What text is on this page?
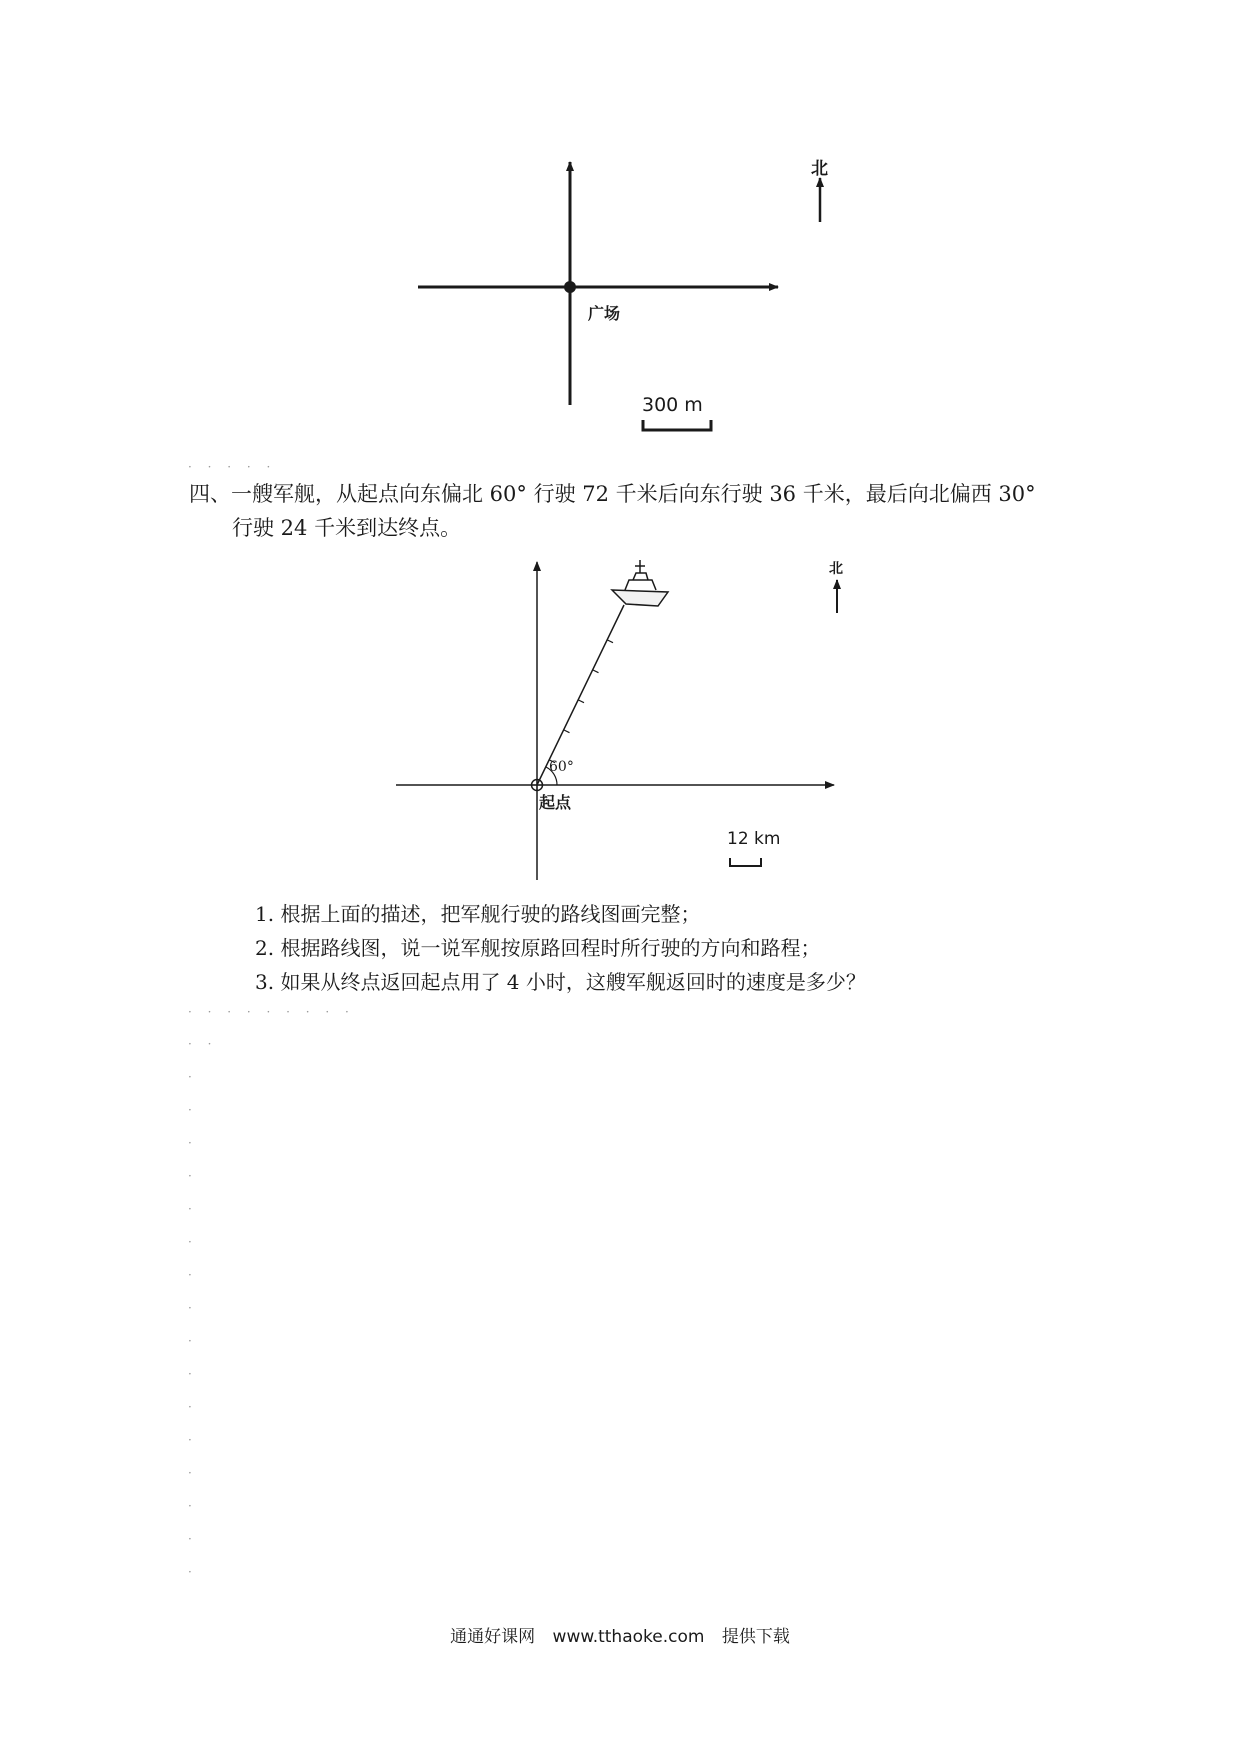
北
广场
300 m
· · · · ·
四、一艘军舰，从起点向东偏北 60° 行驶 72 千米后向东行驶 36 千米，最后向北偏西 30°
行驶 24 千米到达终点。
北
60°
起点
12 km
1. 根据上面的描述，把军舰行驶的路线图画完整；
2. 根据路线图，说一说军舰按原路回程时所行驶的方向和路程；
3. 如果从终点返回起点用了 4 小时，这艘军舰返回时的速度是多少？
· · · · · · · · ·
· ·
·
·
·
·
·
·
·
·
·
·
·
·
·
·
·
·
通通好课网 www.tthaoke.com 提供下载
